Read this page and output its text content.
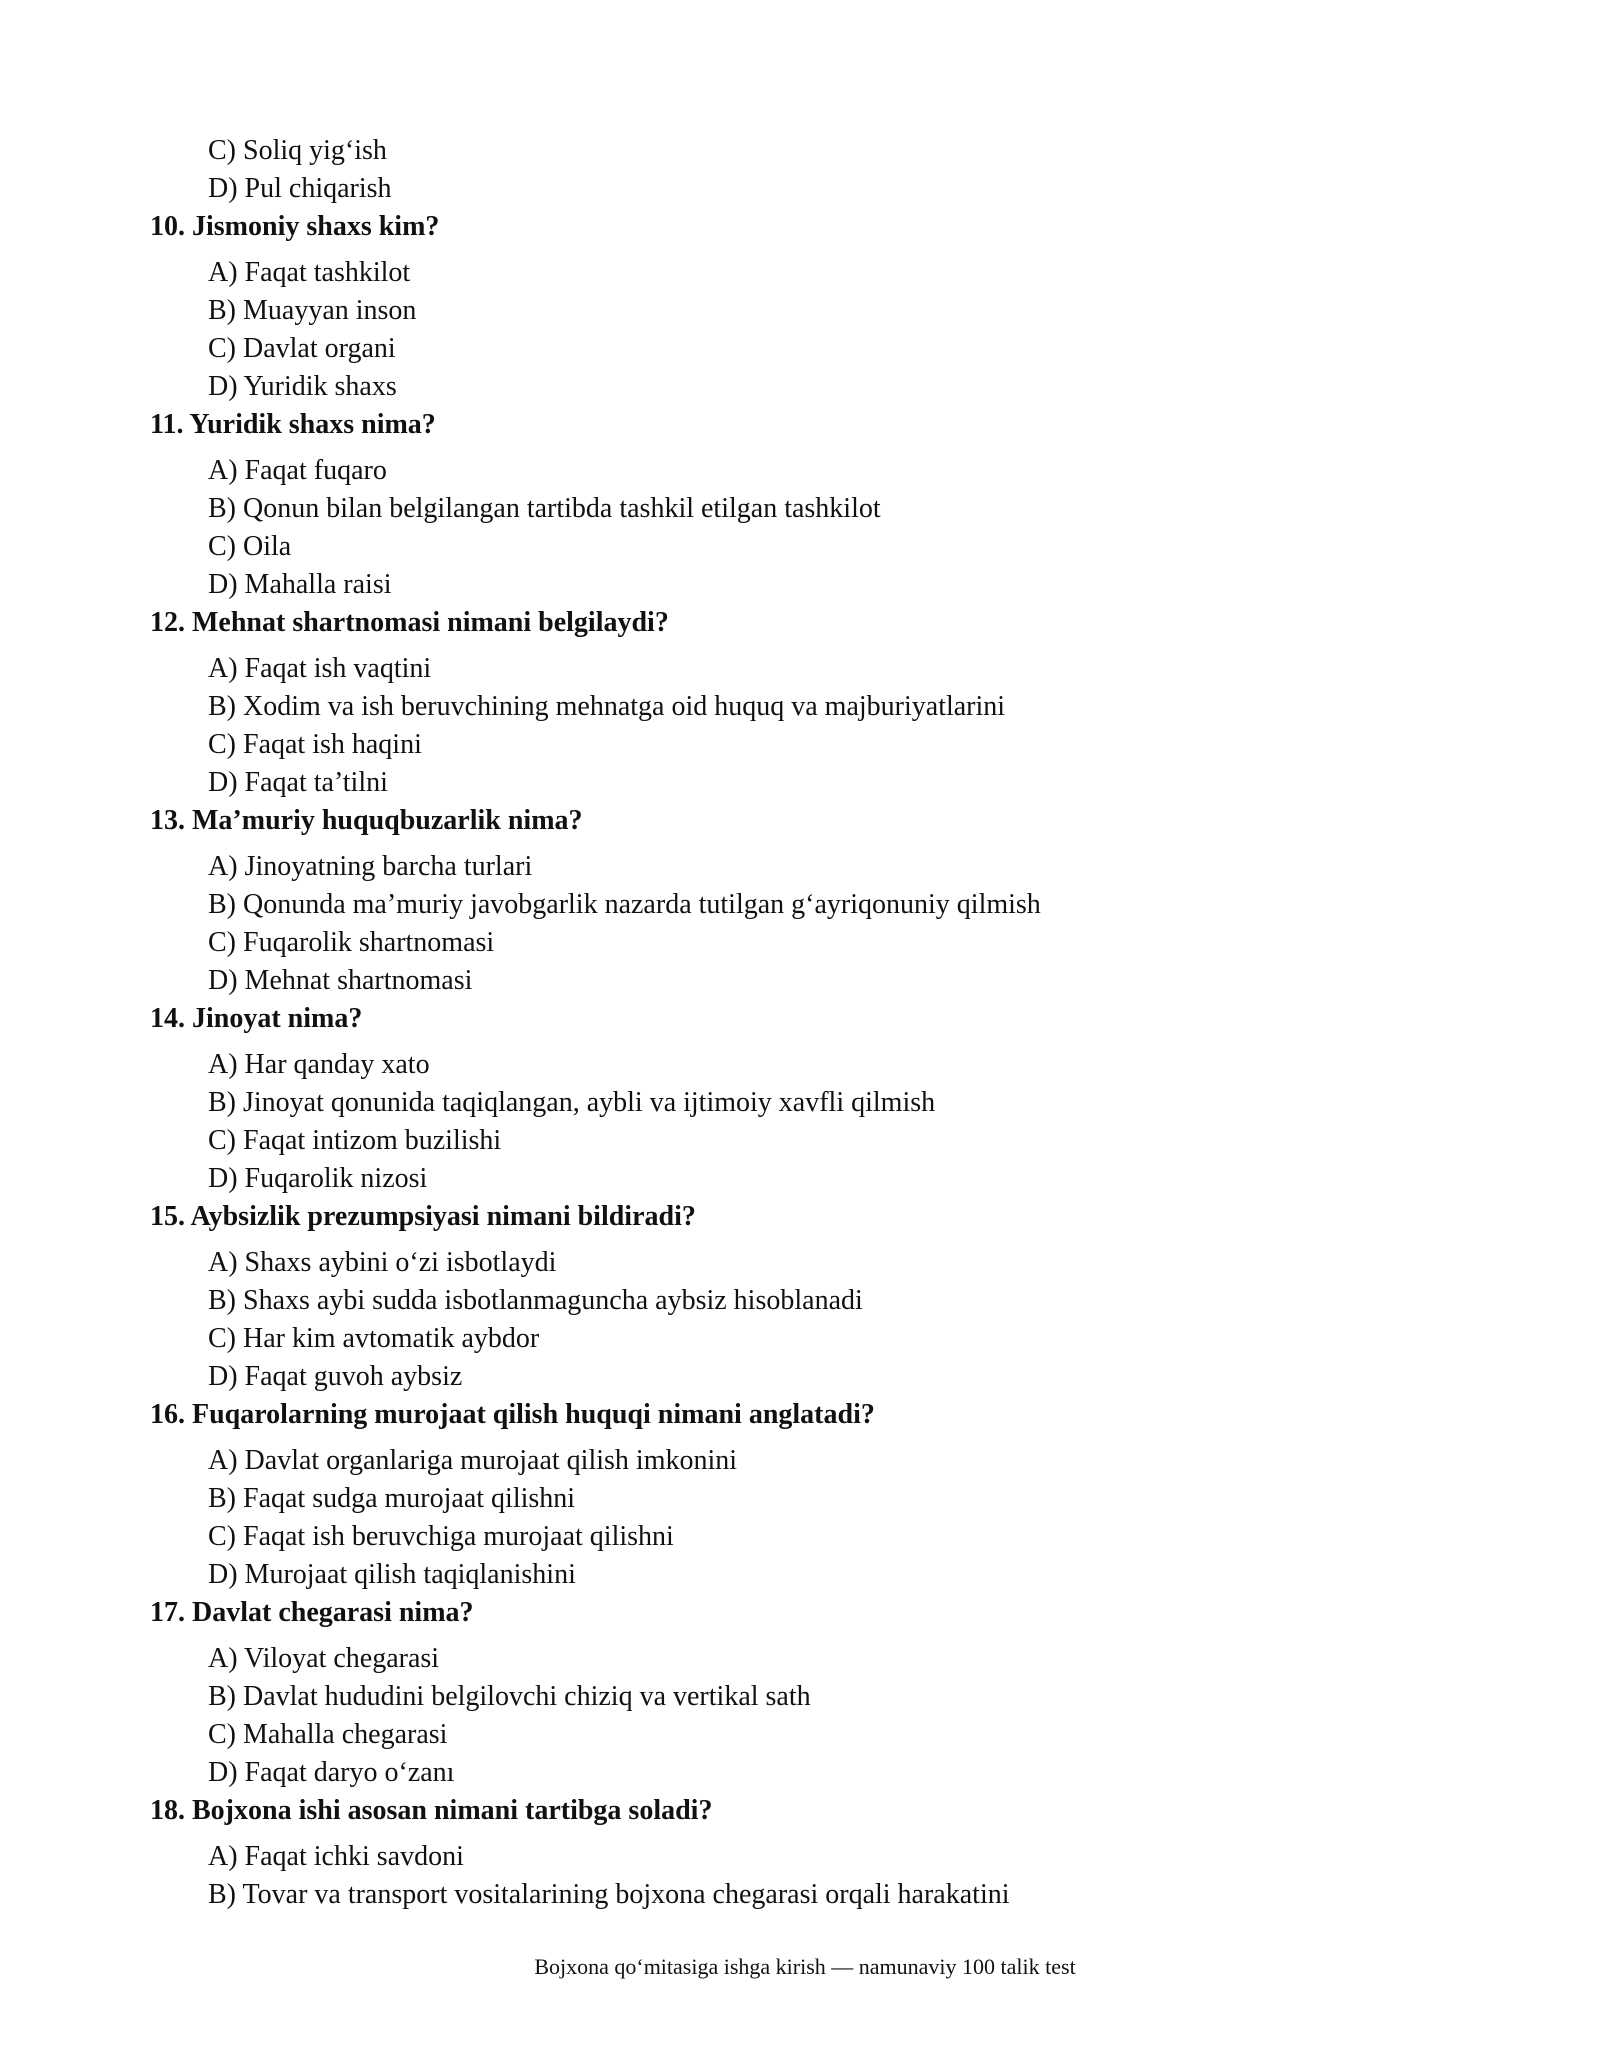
C) Soliq yig‘ish
D) Pul chiqarish
10. Jismoniy shaxs kim?
A) Faqat tashkilot
B) Muayyan inson
C) Davlat organi
D) Yuridik shaxs
11. Yuridik shaxs nima?
A) Faqat fuqaro
B) Qonun bilan belgilangan tartibda tashkil etilgan tashkilot
C) Oila
D) Mahalla raisi
12. Mehnat shartnomasi nimani belgilaydi?
A) Faqat ish vaqtini
B) Xodim va ish beruvchining mehnatga oid huquq va majburiyatlarini
C) Faqat ish haqini
D) Faqat ta’tilni
13. Ma’muriy huquqbuzarlik nima?
A) Jinoyatning barcha turlari
B) Qonunda ma’muriy javobgarlik nazarda tutilgan g‘ayriqonuniy qilmish
C) Fuqarolik shartnomasi
D) Mehnat shartnomasi
14. Jinoyat nima?
A) Har qanday xato
B) Jinoyat qonunida taqiqlangan, aybli va ijtimoiy xavfli qilmish
C) Faqat intizom buzilishi
D) Fuqarolik nizosi
15. Aybsizlik prezumpsiyasi nimani bildiradi?
A) Shaxs aybini o‘zi isbotlaydi
B) Shaxs aybi sudda isbotlanmaguncha aybsiz hisoblanadi
C) Har kim avtomatik aybdor
D) Faqat guvoh aybsiz
16. Fuqarolarning murojaat qilish huquqi nimani anglatadi?
A) Davlat organlariga murojaat qilish imkonini
B) Faqat sudga murojaat qilishni
C) Faqat ish beruvchiga murojaat qilishni
D) Murojaat qilish taqiqlanishini
17. Davlat chegarasi nima?
A) Viloyat chegarasi
B) Davlat hududini belgilovchi chiziq va vertikal sath
C) Mahalla chegarasi
D) Faqat daryo o‘zanı
18. Bojxona ishi asosan nimani tartibga soladi?
A) Faqat ichki savdoni
B) Tovar va transport vositalarining bojxona chegarasi orqali harakatini
Bojxona qo‘mitasiga ishga kirish — namunaviy 100 talik test
